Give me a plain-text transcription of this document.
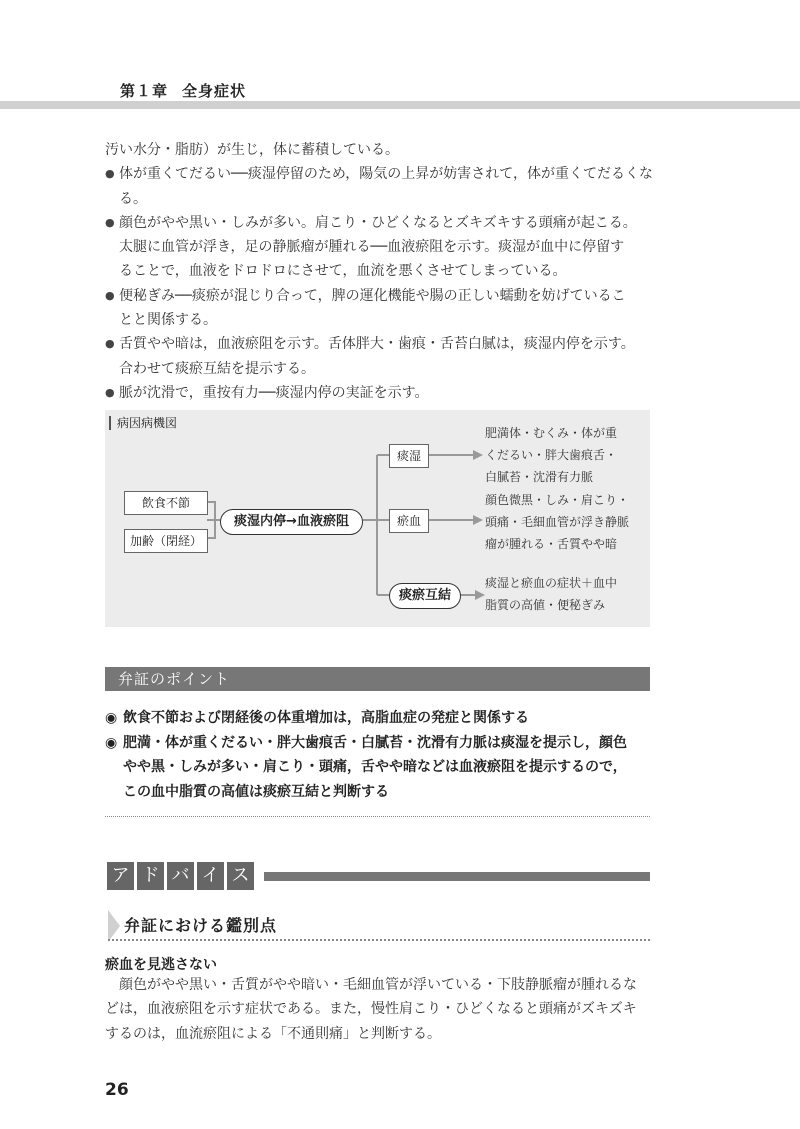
第１章 全身症状

汚い水分・脂肪）が生じ，体に蓄積している。

● 体が重くてだるい──痰湿停留のため，陽気の上昇が妨害されて，体が重くてだるくなる。

● 顔色がやや黒い・しみが多い。肩こり・ひどくなるとズキズキする頭痛が起こる。

太腿に血管が浮き，足の静脈瘤が腫れる──血液瘀阻を示す。痰湿が血中に停留す

ることで，血液をドロドロにさせて，血流を悪くさせてしまっている。

● 便秘ぎみ──痰瘀が混じり合って，脾の運化機能や腸の正しい蠕動を妨げているこ

とと関係する。

● 舌質やや暗は，血液瘀阻を示す。舌体胖大・歯痕・舌苔白膩は，痰湿内停を示す。

合わせて痰瘀互結を提示する。

● 脈が沈滑で，重按有力──痰湿内停の実証を示す。

病因病機図
飲食不節
加齢（閉経）
痰湿内停→血液瘀阻
痰湿
瘀血
痰瘀互結
肥満体・むくみ・体が重
くだるい・胖大歯痕舌・
白膩苔・沈滑有力脈
顔色微黒・しみ・肩こり・
頭痛・毛細血管が浮き静脈
瘤が腫れる・舌質やや暗
痰湿と瘀血の症状＋血中
脂質の高値・便秘ぎみ
弁証のポイント

◉ 飲食不節および閉経後の体重増加は，高脂血症の発症と関係する

◉ 肥満・体が重くだるい・胖大歯痕舌・白膩苔・沈滑有力脈は痰湿を提示し，顔色

やや黒・しみが多い・肩こり・頭痛，舌やや暗などは血液瘀阻を提示するので，

この血中脂質の高値は痰瘀互結と判断する

ア ド バ イ ス
弁証における鑑別点
瘀血を見逃さない

　顔色がやや黒い・舌質がやや暗い・毛細血管が浮いている・下肢静脈瘤が腫れるな

どは，血液瘀阻を示す症状である。また，慢性肩こり・ひどくなると頭痛がズキズキ

するのは，血流瘀阻による「不通則痛」と判断する。

26
